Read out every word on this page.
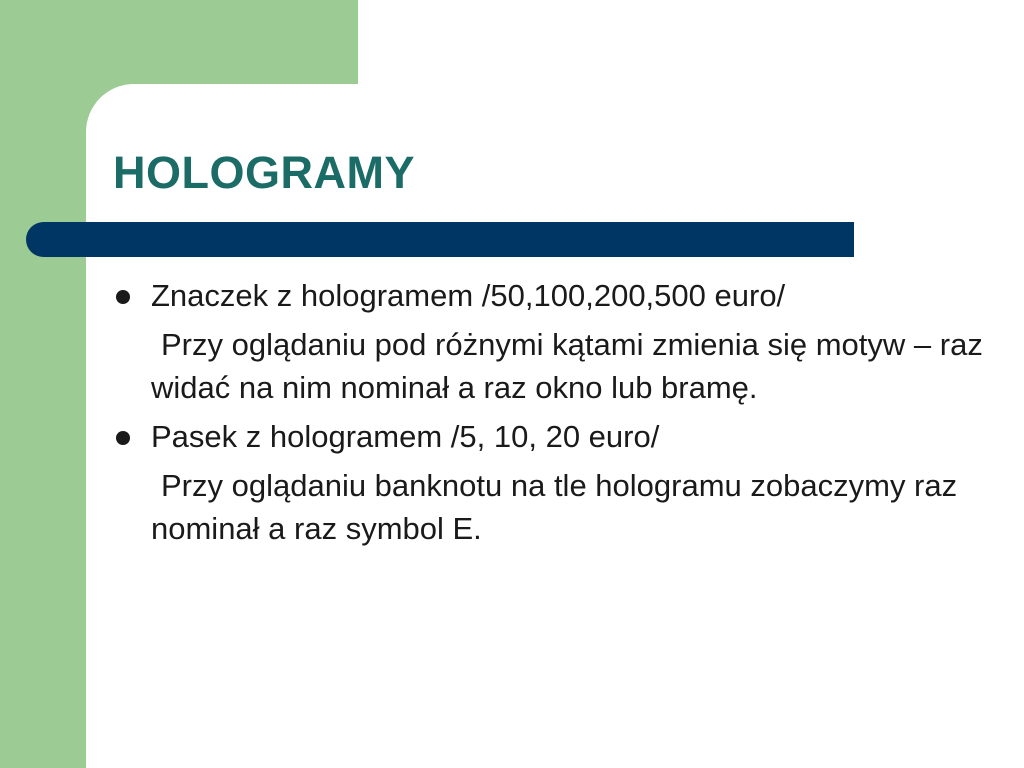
HOLOGRAMY
Znaczek z hologramem /50,100,200,500 euro/
Przy oglądaniu pod różnymi kątami zmienia się motyw – raz widać na nim nominał a raz okno lub bramę.
Pasek z hologramem /5, 10, 20 euro/
Przy oglądaniu banknotu na tle hologramu zobaczymy raz nominał a raz symbol E.
